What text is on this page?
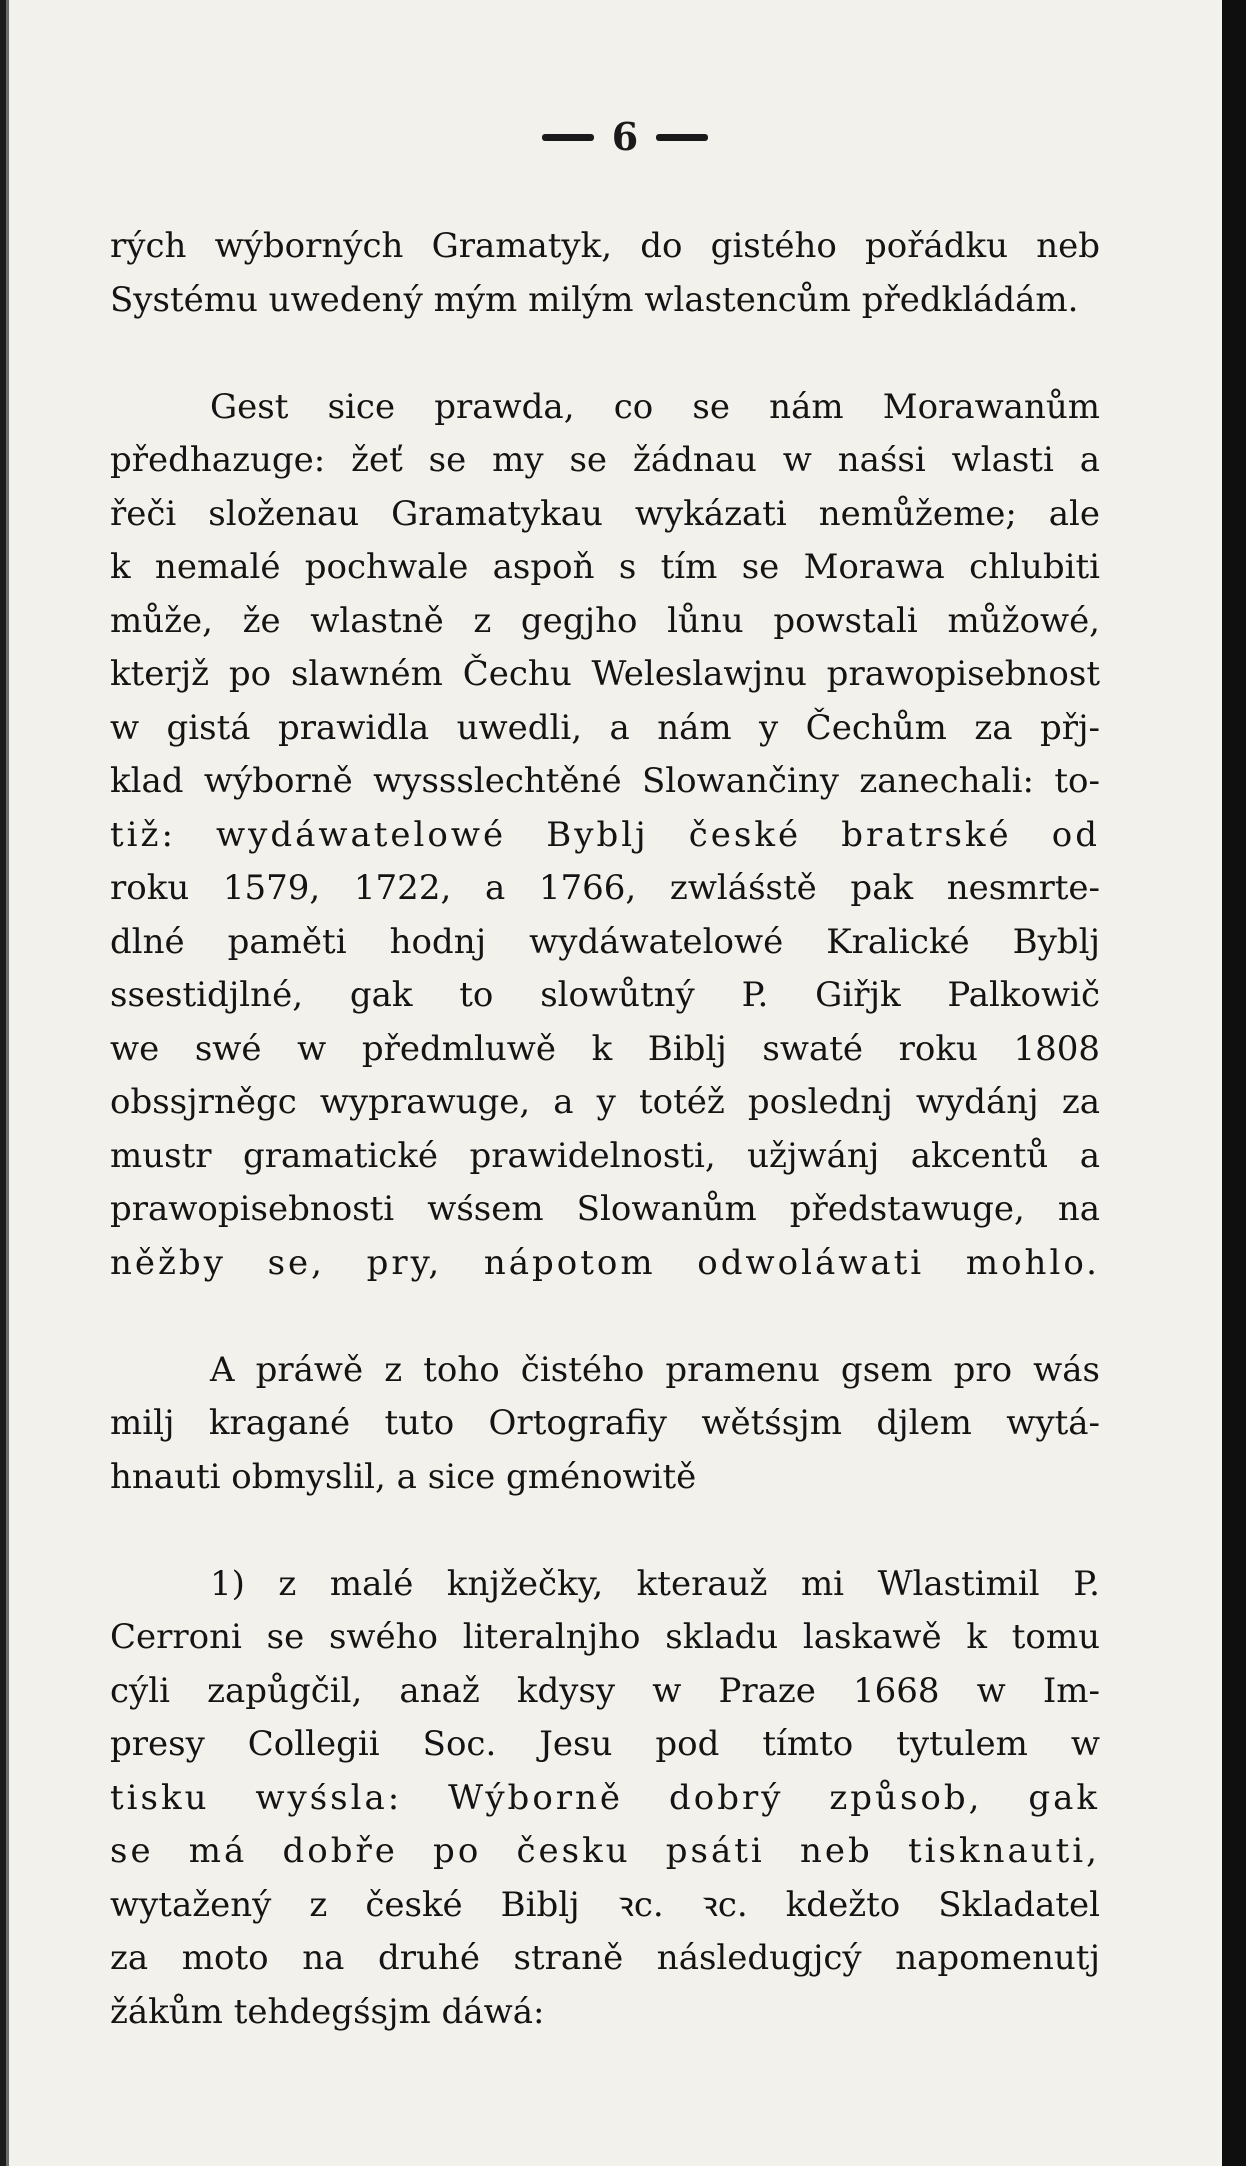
6
rých wýborných Gramatyk, do gistého pořádku neb
Systému uwedený mým milým wlastencům předkládám.
Gest sice prawda, co se nám Morawanům
předhazuge: žeť se my se žádnau w naśsi wlasti a
řeči složenau Gramatykau wykázati nemůžeme; ale
k nemalé pochwale aspoň s tím se Morawa chlubiti
může, že wlastně z gegjho lůnu powstali můžowé,
kterjž po slawném Čechu Weleslawjnu prawopisebnost
w gistá prawidla uwedli, a nám y Čechům za přj-
klad wýborně wyssslechtěné Slowančiny zanechali: to-
tiž: wydáwatelowé Byblj české bratrské od
roku 1579, 1722, a 1766, zwláśstě pak nesmrte-
dlné paměti hodnj wydáwatelowé Kralické Byblj
ssestidjlné, gak to slowůtný P. Giřjk Palkowič
we swé w předmluwě k Biblj swaté roku 1808
obssjrněgc wyprawuge, a y totéž poslednj wydánj za
mustr gramatické prawidelnosti, užjwánj akcentů a
prawopisebnosti wśsem Slowanům předstawuge, na
něžby se, pry, nápotom odwoláwati mohlo.
A práwě z toho čistého pramenu gsem pro wás
milj kragané tuto Ortografiy wětśsjm djlem wytá-
hnauti obmyslil, a sice gménowitě
1) z malé knjžečky, kterauž mi Wlastimil P.
Cerroni se swého literalnjho skladu laskawě k tomu
cýli zapůgčil, anaž kdysy w Praze 1668 w Im-
presy Collegii Soc. Jesu pod tímto tytulem w
tisku wyśsla: Wýborně dobrý způsob, gak
se má dobře po česku psáti neb tisknauti,
wytažený z české Biblj ꝛc. ꝛc. kdežto Skladatel
za moto na druhé straně následugjcý napomenutj
žákům tehdegśsjm dáwá:
